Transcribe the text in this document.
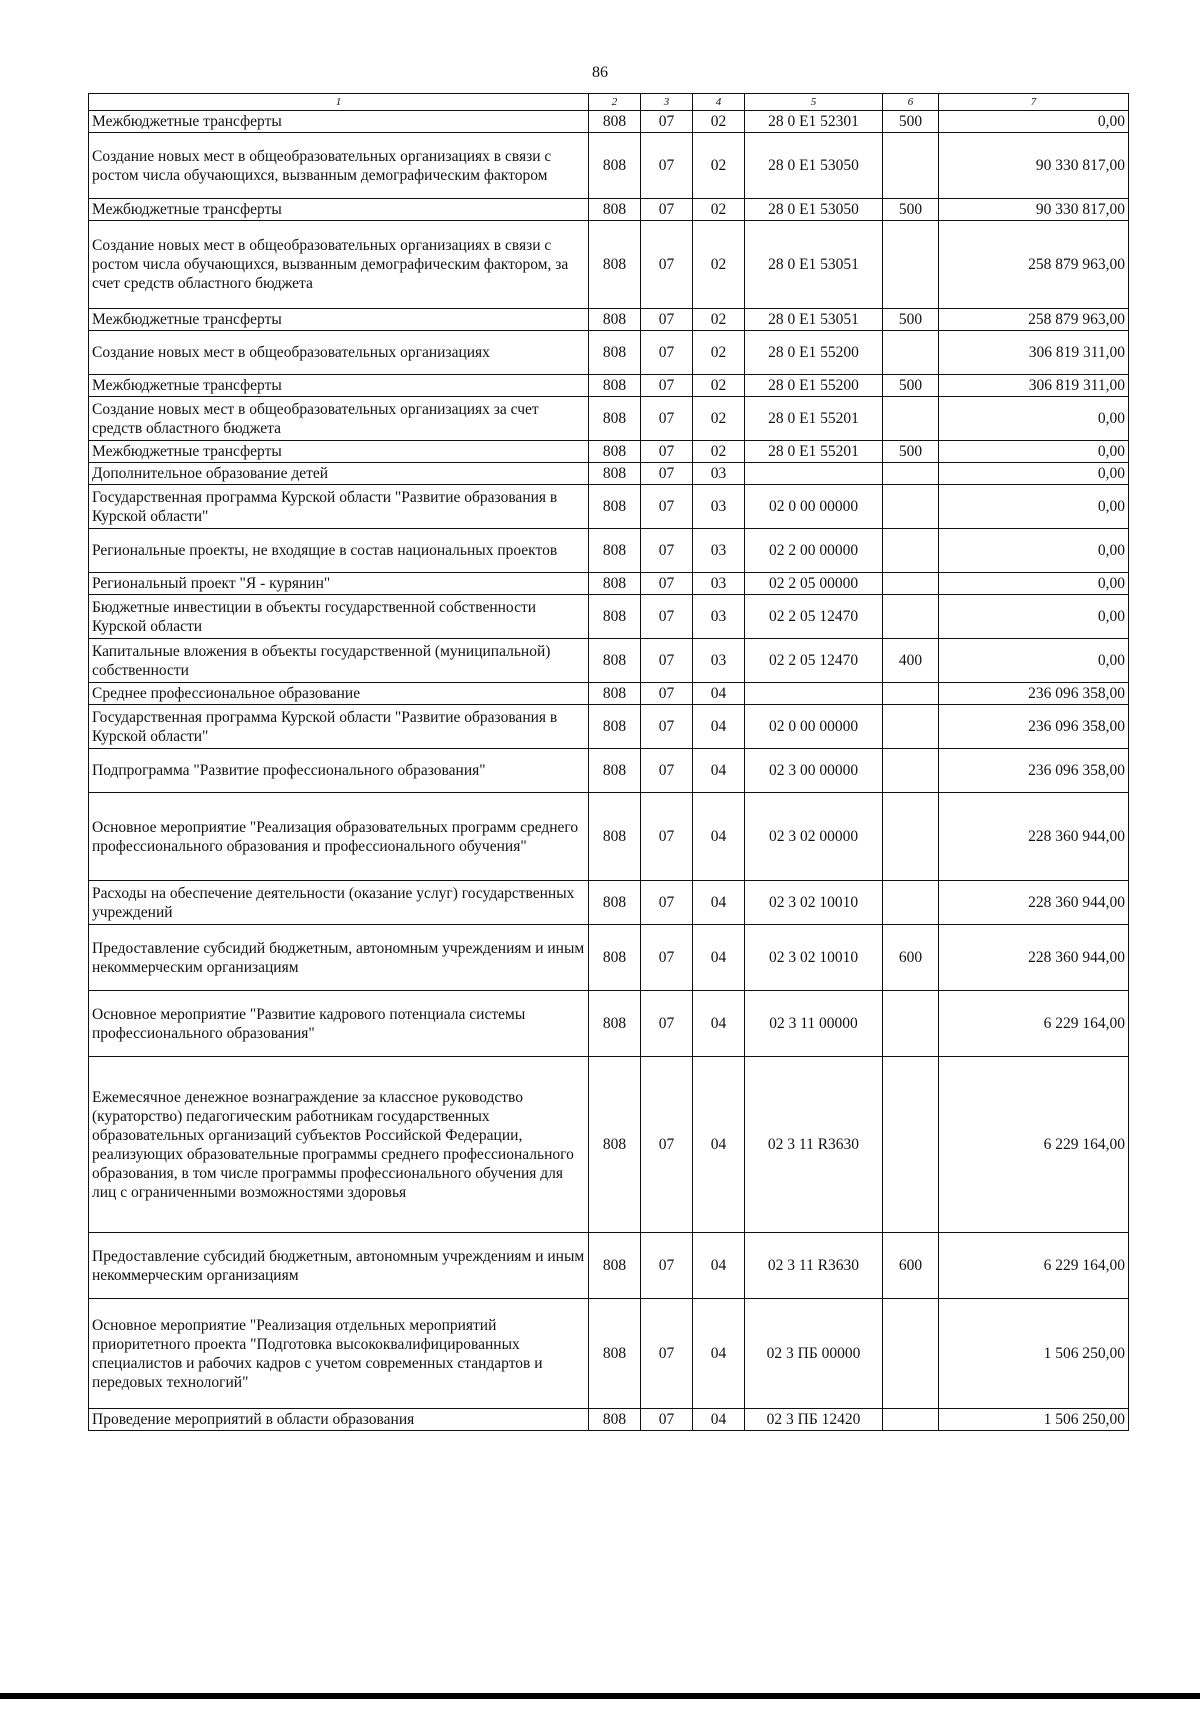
86
1	2	3	4	5	6	7
Межбюджетные трансферты	808	07	02	28 0 E1 52301	500	0,00
Создание новых мест в общеобразовательных организациях в связи с ростом числа обучающихся, вызванным демографическим фактором	808	07	02	28 0 E1 53050		90 330 817,00
Межбюджетные трансферты	808	07	02	28 0 E1 53050	500	90 330 817,00
Создание новых мест в общеобразовательных организациях в связи с ростом числа обучающихся, вызванным демографическим фактором, за счет средств областного бюджета	808	07	02	28 0 E1 53051		258 879 963,00
Межбюджетные трансферты	808	07	02	28 0 E1 53051	500	258 879 963,00
Создание новых мест в общеобразовательных организациях	808	07	02	28 0 E1 55200		306 819 311,00
Межбюджетные трансферты	808	07	02	28 0 E1 55200	500	306 819 311,00
Создание новых мест в общеобразовательных организациях за счет средств областного бюджета	808	07	02	28 0 E1 55201		0,00
Межбюджетные трансферты	808	07	02	28 0 E1 55201	500	0,00
Дополнительное образование детей	808	07	03			0,00
Государственная программа Курской области "Развитие образования в Курской области"	808	07	03	02 0 00 00000		0,00
Региональные проекты, не входящие в состав национальных проектов	808	07	03	02 2 00 00000		0,00
Региональный проект "Я - курянин"	808	07	03	02 2 05 00000		0,00
Бюджетные инвестиции в объекты государственной собственности Курской области	808	07	03	02 2 05 12470		0,00
Капитальные вложения в объекты государственной (муниципальной) собственности	808	07	03	02 2 05 12470	400	0,00
Среднее профессиональное образование	808	07	04			236 096 358,00
Государственная программа Курской области "Развитие образования в Курской области"	808	07	04	02 0 00 00000		236 096 358,00
Подпрограмма "Развитие профессионального образования"	808	07	04	02 3 00 00000		236 096 358,00
Основное мероприятие "Реализация образовательных программ среднего профессионального образования и профессионального обучения"	808	07	04	02 3 02 00000		228 360 944,00
Расходы на обеспечение деятельности (оказание услуг) государственных учреждений	808	07	04	02 3 02 10010		228 360 944,00
Предоставление субсидий бюджетным, автономным учреждениям и иным некоммерческим организациям	808	07	04	02 3 02 10010	600	228 360 944,00
Основное мероприятие "Развитие кадрового потенциала системы профессионального образования"	808	07	04	02 3 11 00000		6 229 164,00
Ежемесячное денежное вознаграждение за классное руководство (кураторство) педагогическим работникам государственных образовательных организаций субъектов Российской Федерации, реализующих образовательные программы среднего профессионального образования, в том числе программы профессионального обучения для лиц с ограниченными возможностями здоровья	808	07	04	02 3 11 R3630		6 229 164,00
Предоставление субсидий бюджетным, автономным учреждениям и иным некоммерческим организациям	808	07	04	02 3 11 R3630	600	6 229 164,00
Основное мероприятие "Реализация отдельных мероприятий приоритетного проекта "Подготовка высококвалифицированных специалистов и рабочих кадров с учетом современных стандартов и передовых технологий"	808	07	04	02 3 ПБ 00000		1 506 250,00
Проведение мероприятий в области образования	808	07	04	02 3 ПБ 12420		1 506 250,00
